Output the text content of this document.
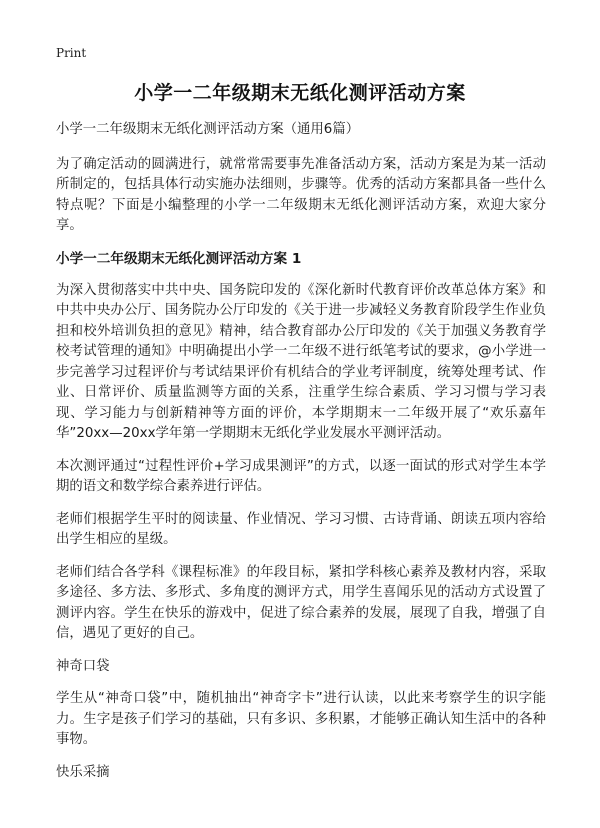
Print
小学一二年级期末无纸化测评活动方案

小学一二年级期末无纸化测评活动方案（通用6篇）

为了确定活动的圆满进行，就常常需要事先准备活动方案，活动方案是为某一活动所制定的，包括具体行动实施办法细则，步骤等。优秀的活动方案都具备一些什么特点呢？下面是小编整理的小学一二年级期末无纸化测评活动方案，欢迎大家分享。

小学一二年级期末无纸化测评活动方案 1

为深入贯彻落实中共中央、国务院印发的《深化新时代教育评价改革总体方案》和中共中央办公厅、国务院办公厅印发的《关于进一步减轻义务教育阶段学生作业负担和校外培训负担的意见》精神，结合教育部办公厅印发的《关于加强义务教育学校考试管理的通知》中明确提出小学一二年级不进行纸笔考试的要求，@小学进一步完善学习过程评价与考试结果评价有机结合的学业考评制度，统筹处理考试、作业、日常评价、质量监测等方面的关系，注重学生综合素质、学习习惯与学习表现、学习能力与创新精神等方面的评价，本学期期末一二年级开展了“欢乐嘉年华”20xx—20xx学年第一学期期末无纸化学业发展水平测评活动。

本次测评通过“过程性评价+学习成果测评”的方式，以逐一面试的形式对学生本学期的语文和数学综合素养进行评估。

老师们根据学生平时的阅读量、作业情况、学习习惯、古诗背诵、朗读五项内容给出学生相应的星级。

老师们结合各学科《课程标准》的年段目标，紧扣学科核心素养及教材内容，采取多途径、多方法、多形式、多角度的测评方式，用学生喜闻乐见的活动方式设置了测评内容。学生在快乐的游戏中，促进了综合素养的发展，展现了自我，增强了自信，遇见了更好的自己。

神奇口袋

学生从“神奇口袋”中，随机抽出“神奇字卡”进行认读，以此来考察学生的识字能力。生字是孩子们学习的基础，只有多识、多积累，才能够正确认知生活中的各种事物。

快乐采摘
